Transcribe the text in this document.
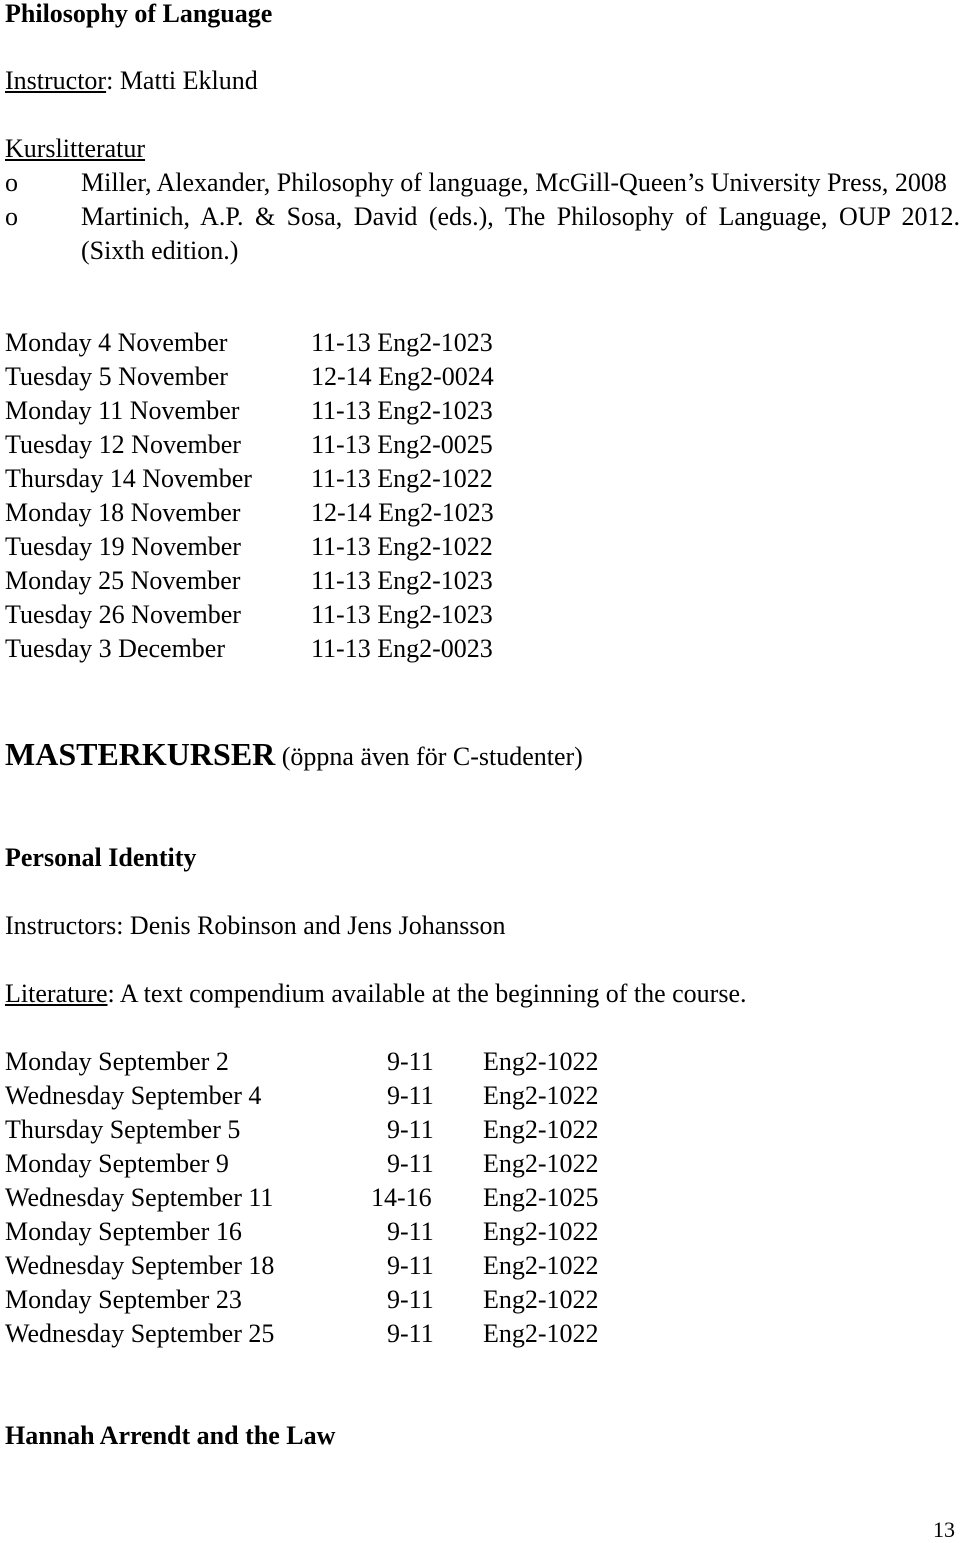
Philosophy of Language
Instructor: Matti Eklund
Kurslitteratur
o Miller, Alexander, Philosophy of language, McGill-Queen’s University Press, 2008
o Martinich, A.P. & Sosa, David (eds.), The Philosophy of Language, OUP 2012. (Sixth edition.)
Monday 4 November	11-13 Eng2-1023
Tuesday 5 November	12-14 Eng2-0024
Monday 11 November	11-13 Eng2-1023
Tuesday 12 November	11-13 Eng2-0025
Thursday 14 November 11-13 Eng2-1022
Monday 18 November	12-14 Eng2-1023
Tuesday 19 November	11-13 Eng2-1022
Monday 25 November	11-13 Eng2-1023
Tuesday 26 November	11-13 Eng2-1023
Tuesday 3 December	11-13 Eng2-0023
MASTERKURSER (öppna även för C-studenter)
Personal Identity
Instructors: Denis Robinson and Jens Johansson
Literature: A text compendium available at the beginning of the course.
Monday September 2	9-11 Eng2-1022
Wednesday September 4	9-11 Eng2-1022
Thursday September 5	9-11 Eng2-1022
Monday September 9	9-11 Eng2-1022
Wednesday September 11	14-16 Eng2-1025
Monday September 16	9-11 Eng2-1022
Wednesday September 18	9-11 Eng2-1022
Monday September 23	9-11 Eng2-1022
Wednesday September 25	9-11 Eng2-1022
Hannah Arrendt and the Law
13
